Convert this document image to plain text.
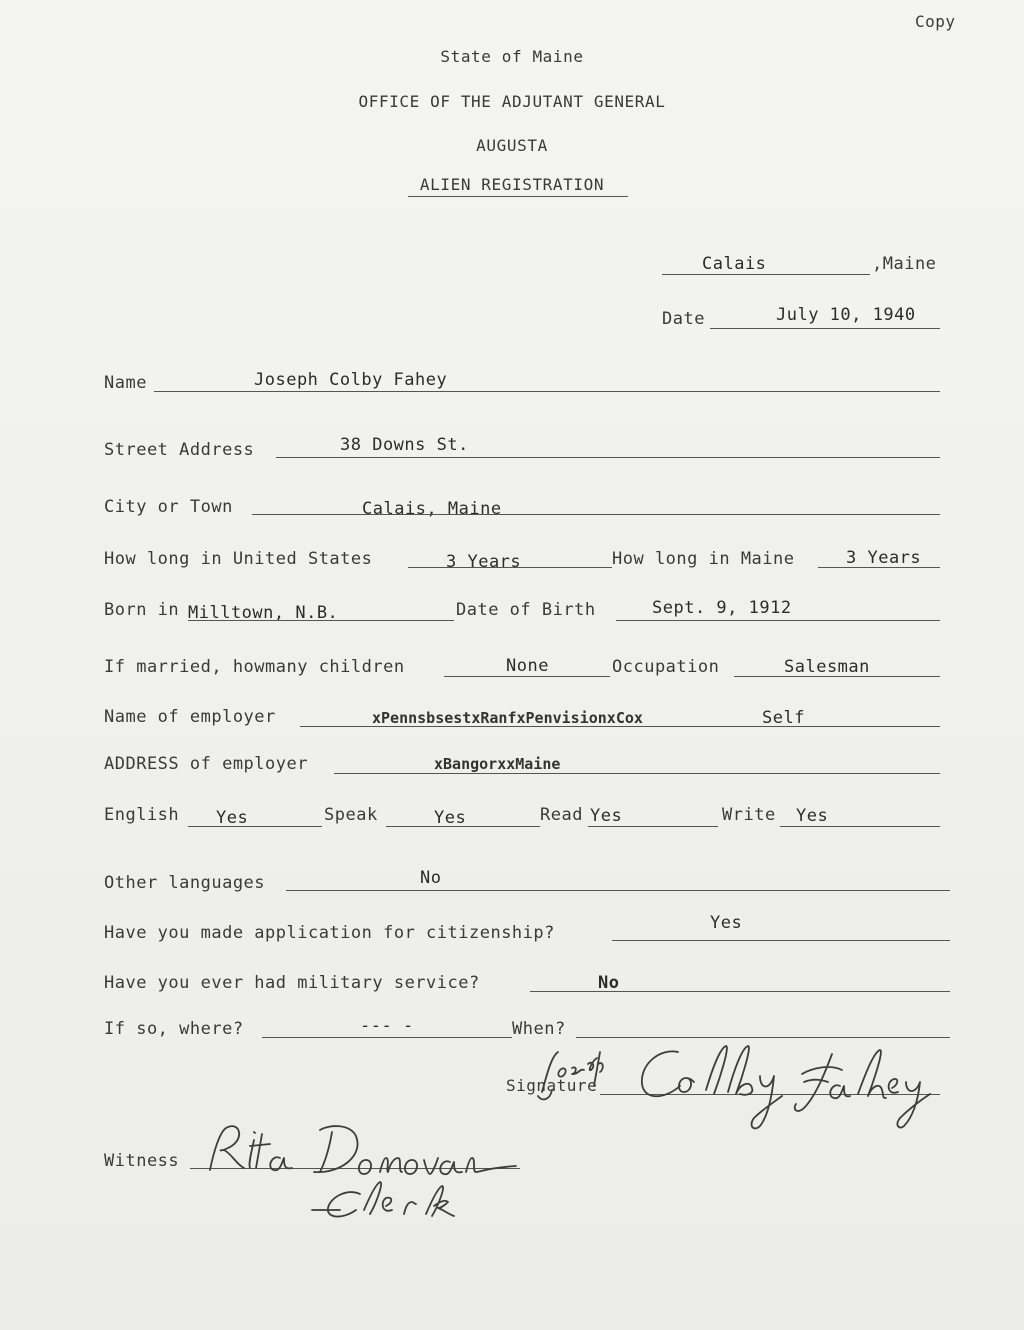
Copy
State of Maine
OFFICE OF THE ADJUTANT GENERAL
AUGUSTA
ALIEN REGISTRATION
Calais	,Maine
Date	July 10, 1940
Name	Joseph Colby Fahey
Street Address	38 Downs St.
City or Town	Calais, Maine
How long in United States	3 Years	How long in Maine	3 Years
Born in Milltown, N.B.	Date of Birth	Sept. 9, 1912
If married, howmany children	None	Occupation	Salesman
Name of employer	xPennsbsestxRanfxPenvisionxCox	Self
ADDRESS of employer	xBangorxxMaine
English Yes	Speak	Yes	Read Yes	Write Yes
Other languages	No
Have you made application for citizenship?	Yes
Have you ever had military service?	No
If so, where?	--- -	When?
Signature
Witness
